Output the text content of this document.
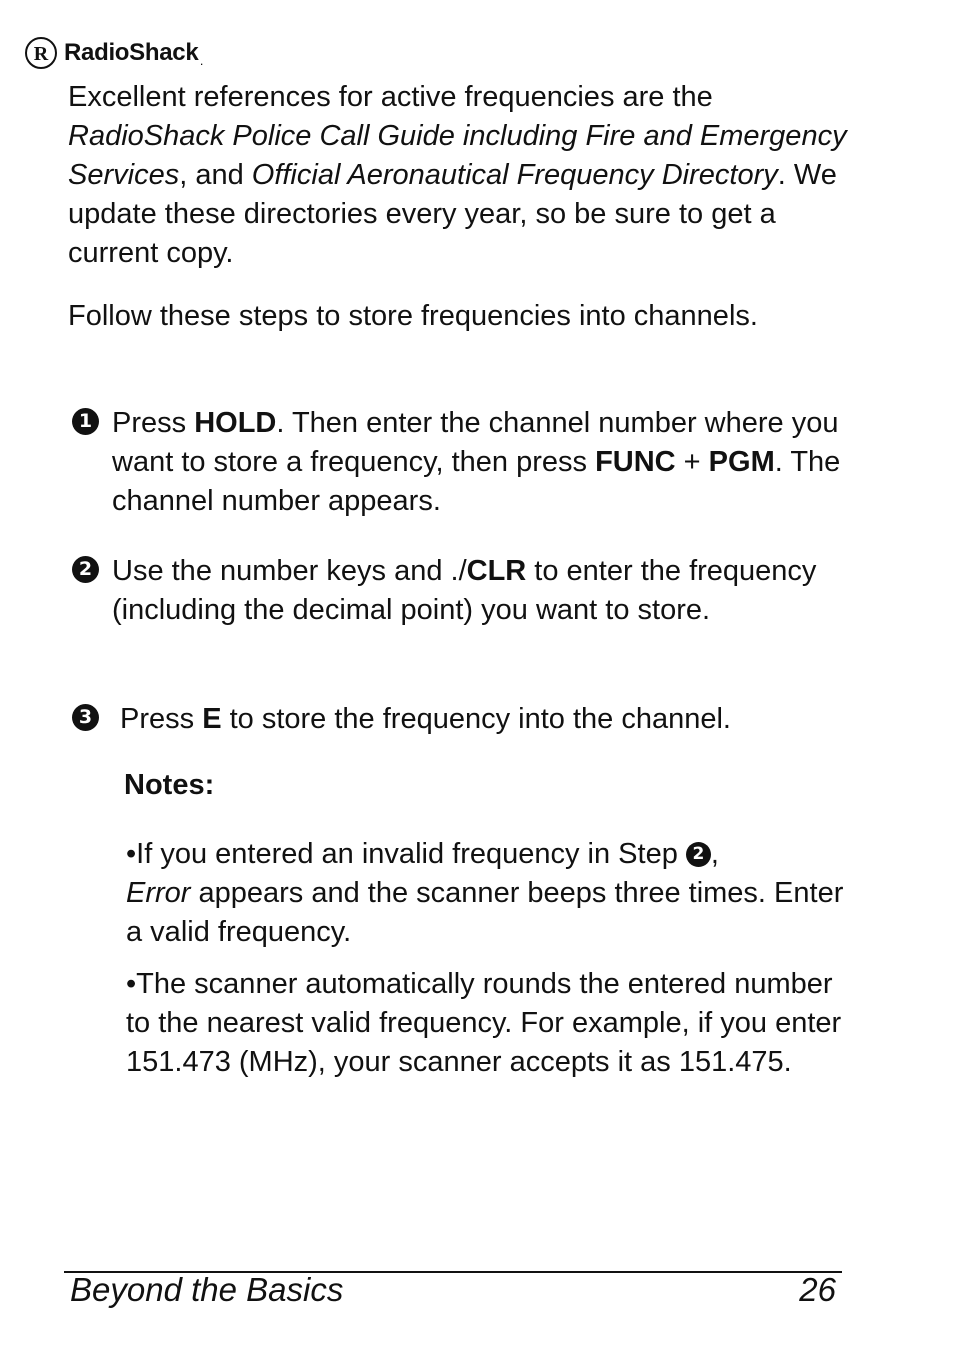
R RadioShack .

Excellent references for active frequencies are the RadioShack Police Call Guide including Fire and Emergency Services, and Official Aeronautical Frequency Directory. We update these directories every year, so be sure to get a current copy.

Follow these steps to store frequencies into channels.

1 Press HOLD. Then enter the channel number where you want to store a frequency, then press FUNC + PGM. The channel number appears.

2 Use the number keys and ./CLR to enter the frequency (including the decimal point) you want to store.

3 Press E to store the frequency into the channel.

Notes:

•If you entered an invalid frequency in Step 2 ,
Error appears and the scanner beeps three times. Enter a valid frequency.

•The scanner automatically rounds the entered number to the nearest valid frequency. For example, if you enter 151.473 (MHz), your scanner accepts it as 151.475.

Beyond the Basics	26
